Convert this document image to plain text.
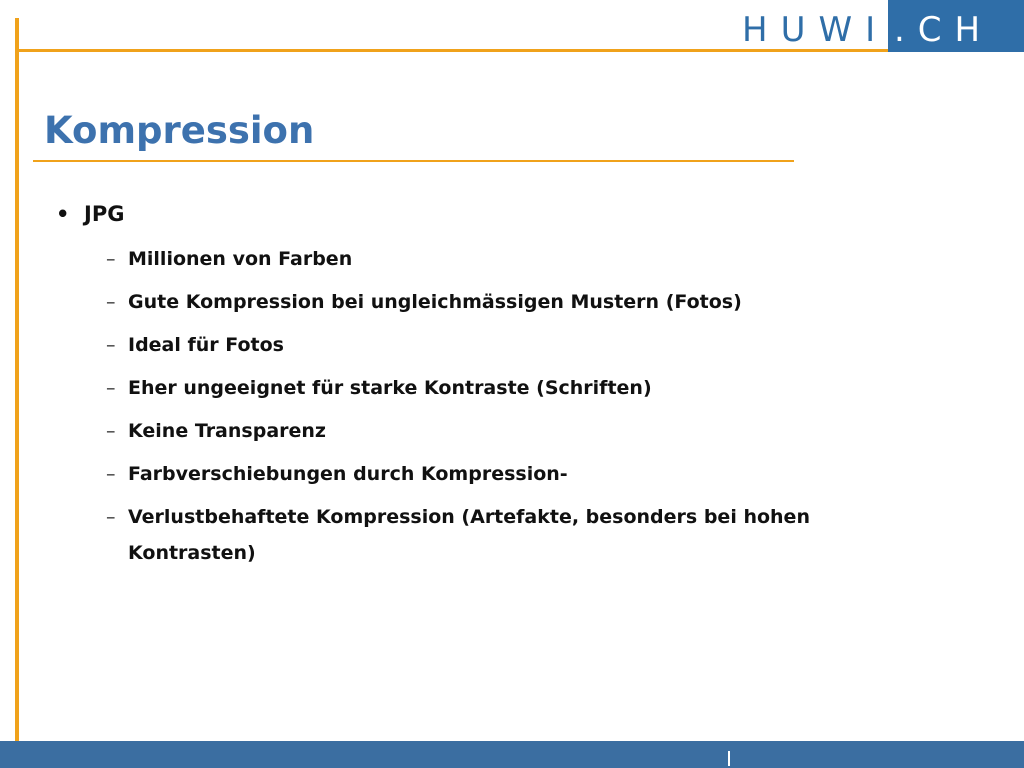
HUWI .CH
Kompression
• JPG
– Millionen von Farben
– Gute Kompression bei ungleichmässigen Mustern (Fotos)
– Ideal für Fotos
– Eher ungeeignet für starke Kontraste (Schriften)
– Keine Transparenz
– Farbverschiebungen durch Kompression-
– Verlustbehaftete Kompression (Artefakte, besonders bei hohen Kontrasten)
